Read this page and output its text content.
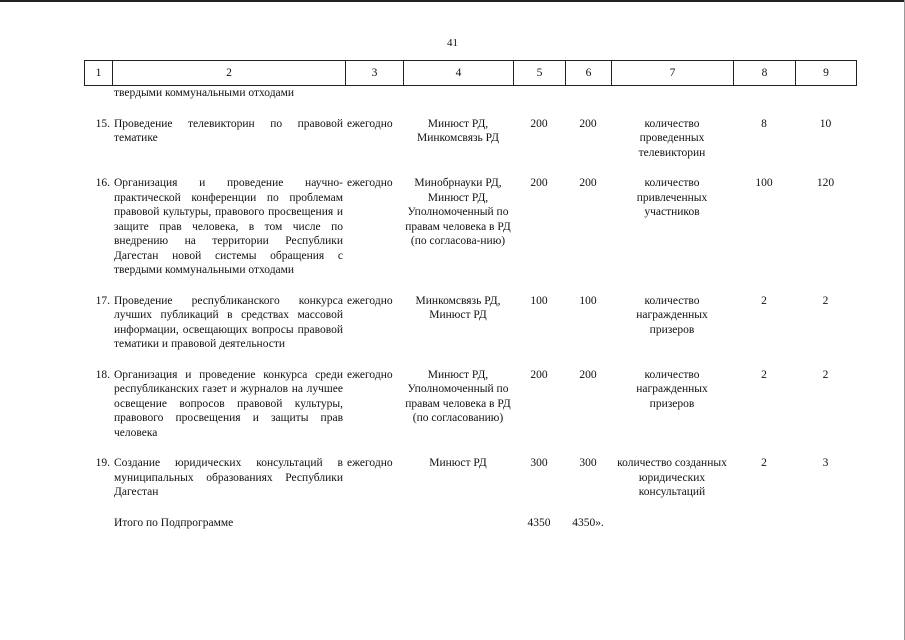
41
1	2	3	4	5	6	7	8	9
	твердыми коммунальными отходами							

15.	Проведение телевикторин по правовой тематике	ежегодно	Минюст РД, Минкомсвязь РД	200	200	количество проведенных телевикторин	8	10

16.	Организация и проведение научно-практической конференции по проблемам правовой культуры, правового просвещения и защите прав человека, в том числе по внедрению на территории Республики Дагестан новой системы обращения с твердыми коммунальными отходами	ежегодно	Минобрнауки РД, Минюст РД, Уполномоченный по правам человека в РД (по согласова-нию)	200	200	количество привлеченных участников	100	120

17.	Проведение республиканского конкурса лучших публикаций в средствах массовой информации, освещающих вопросы правовой тематики и правовой деятельности	ежегодно	Минкомсвязь РД, Минюст РД	100	100	количество награжденных призеров	2	2

18.	Организация и проведение конкурса среди республиканских газет и журналов на лучшее освещение вопросов правовой культуры, правового просвещения и защиты прав человека	ежегодно	Минюст РД, Уполномоченный по правам человека в РД (по согласованию)	200	200	количество награжденных призеров	2	2

19.	Создание юридических консультаций в муниципальных образованиях Республики Дагестан	ежегодно	Минюст РД	300	300	количество созданных юридических консультаций	2	3

	Итого по Подпрограмме			4350	4350».			
